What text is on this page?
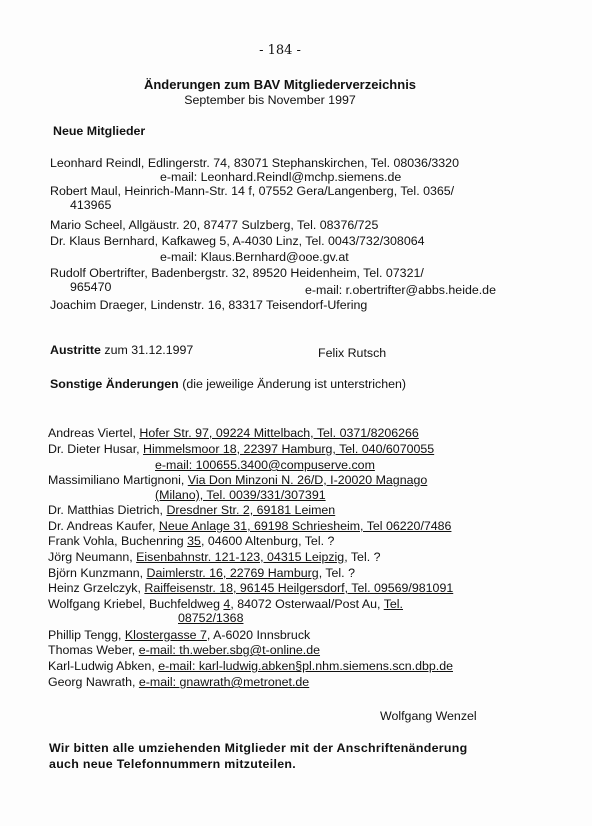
- 184 -
Änderungen zum BAV Mitgliederverzeichnis
September bis November 1997
Neue Mitglieder
Leonhard Reindl, Edlingerstr. 74, 83071 Stephanskirchen, Tel. 08036/3320
e-mail: Leonhard.Reindl@mchp.siemens.de
Robert Maul, Heinrich-Mann-Str. 14 f, 07552 Gera/Langenberg, Tel. 0365/
413965
Mario Scheel, Allgäustr. 20, 87477 Sulzberg, Tel. 08376/725
Dr. Klaus Bernhard, Kafkaweg 5, A-4030 Linz, Tel. 0043/732/308064
e-mail: Klaus.Bernhard@ooe.gv.at
Rudolf Obertrifter, Badenbergstr. 32, 89520 Heidenheim, Tel. 07321/
965470	e-mail: r.obertrifter@abbs.heide.de
Joachim Draeger, Lindenstr. 16, 83317 Teisendorf-Ufering
Austritte zum 31.12.1997	Felix Rutsch
Sonstige Änderungen (die jeweilige Änderung ist unterstrichen)
Andreas Viertel, Hofer Str. 97, 09224 Mittelbach, Tel. 0371/8206266
Dr. Dieter Husar, Himmelsmoor 18, 22397 Hamburg, Tel. 040/6070055
e-mail: 100655.3400@compuserve.com
Massimiliano Martignoni, Via Don Minzoni N. 26/D, I-20020 Magnago
(Milano), Tel. 0039/331/307391
Dr. Matthias Dietrich, Dresdner Str. 2, 69181 Leimen
Dr. Andreas Kaufer, Neue Anlage 31, 69198 Schriesheim, Tel 06220/7486
Frank Vohla, Buchenring 35, 04600 Altenburg, Tel. ?
Jörg Neumann, Eisenbahnstr. 121-123, 04315 Leipzig, Tel. ?
Björn Kunzmann, Daimlerstr. 16, 22769 Hamburg, Tel. ?
Heinz Grzelczyk, Raiffeisenstr. 18, 96145 Heilgersdorf, Tel. 09569/981091
Wolfgang Kriebel, Buchfeldweg 4, 84072 Osterwaal/Post Au, Tel.
08752/1368
Phillip Tengg, Klostergasse 7, A-6020 Innsbruck
Thomas Weber, e-mail: th.weber.sbg@t-online.de
Karl-Ludwig Abken, e-mail: karl-ludwig.abken§pl.nhm.siemens.scn.dbp.de
Georg Nawrath, e-mail: gnawrath@metronet.de
Wolfgang Wenzel
Wir bitten alle umziehenden Mitglieder mit der Anschriftenänderung
auch neue Telefonnummern mitzuteilen.
